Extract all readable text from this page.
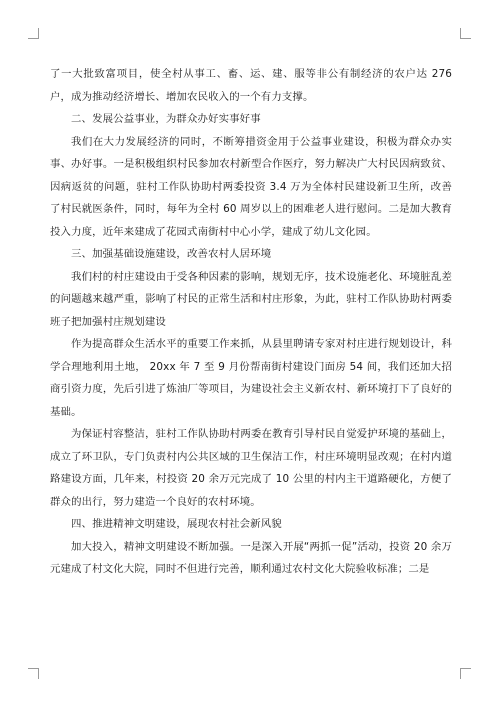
了一大批致富项目，使全村从事工、畜、运、建、服等非公有制经济的农户达 276 户，成为推动经济增长、增加农民收入的一个有力支撑。

二、发展公益事业，为群众办好实事好事

我们在大力发展经济的同时，不断筹措资金用于公益事业建设，积极为群众办实事、办好事。一是积极组织村民参加农村新型合作医疗，努力解决广大村民因病致贫、因病返贫的问题，驻村工作队协助村两委投资 3.4 万为全体村民建设新卫生所，改善了村民就医条件，同时，每年为全村 60 周岁以上的困难老人进行慰问。二是加大教育投入力度，近年来建成了花园式南街村中心小学，建成了幼儿文化园。

三、加强基础设施建设，改善农村人居环境

我们村的村庄建设由于受各种因素的影响，规划无序，技术设施老化、环境脏乱差的问题越来越严重，影响了村民的正常生活和村庄形象，为此，驻村工作队协助村两委班子把加强村庄规划建设

作为提高群众生活水平的重要工作来抓，从县里聘请专家对村庄进行规划设计，科学合理地利用土地， 20xx 年 7 至 9 月份帮南街村建设门面房 54 间，我们还加大招商引资力度，先后引进了炼油厂等项目，为建设社会主义新农村、新环境打下了良好的基础。

为保证村容整洁，驻村工作队协助村两委在教育引导村民自觉爱护环境的基础上，成立了环卫队，专门负责村内公共区域的卫生保洁工作，村庄环境明显改观；在村内道路建设方面，几年来，村投资 20 余万元完成了 10 公里的村内主干道路硬化，方便了群众的出行，努力建造一个良好的农村环境。

四、推进精神文明建设，展现农村社会新风貌

加大投入，精神文明建设不断加强。一是深入开展“两抓一促”活动，投资 20 余万元建成了村文化大院，同时不但进行完善，顺利通过农村文化大院验收标准；二是
